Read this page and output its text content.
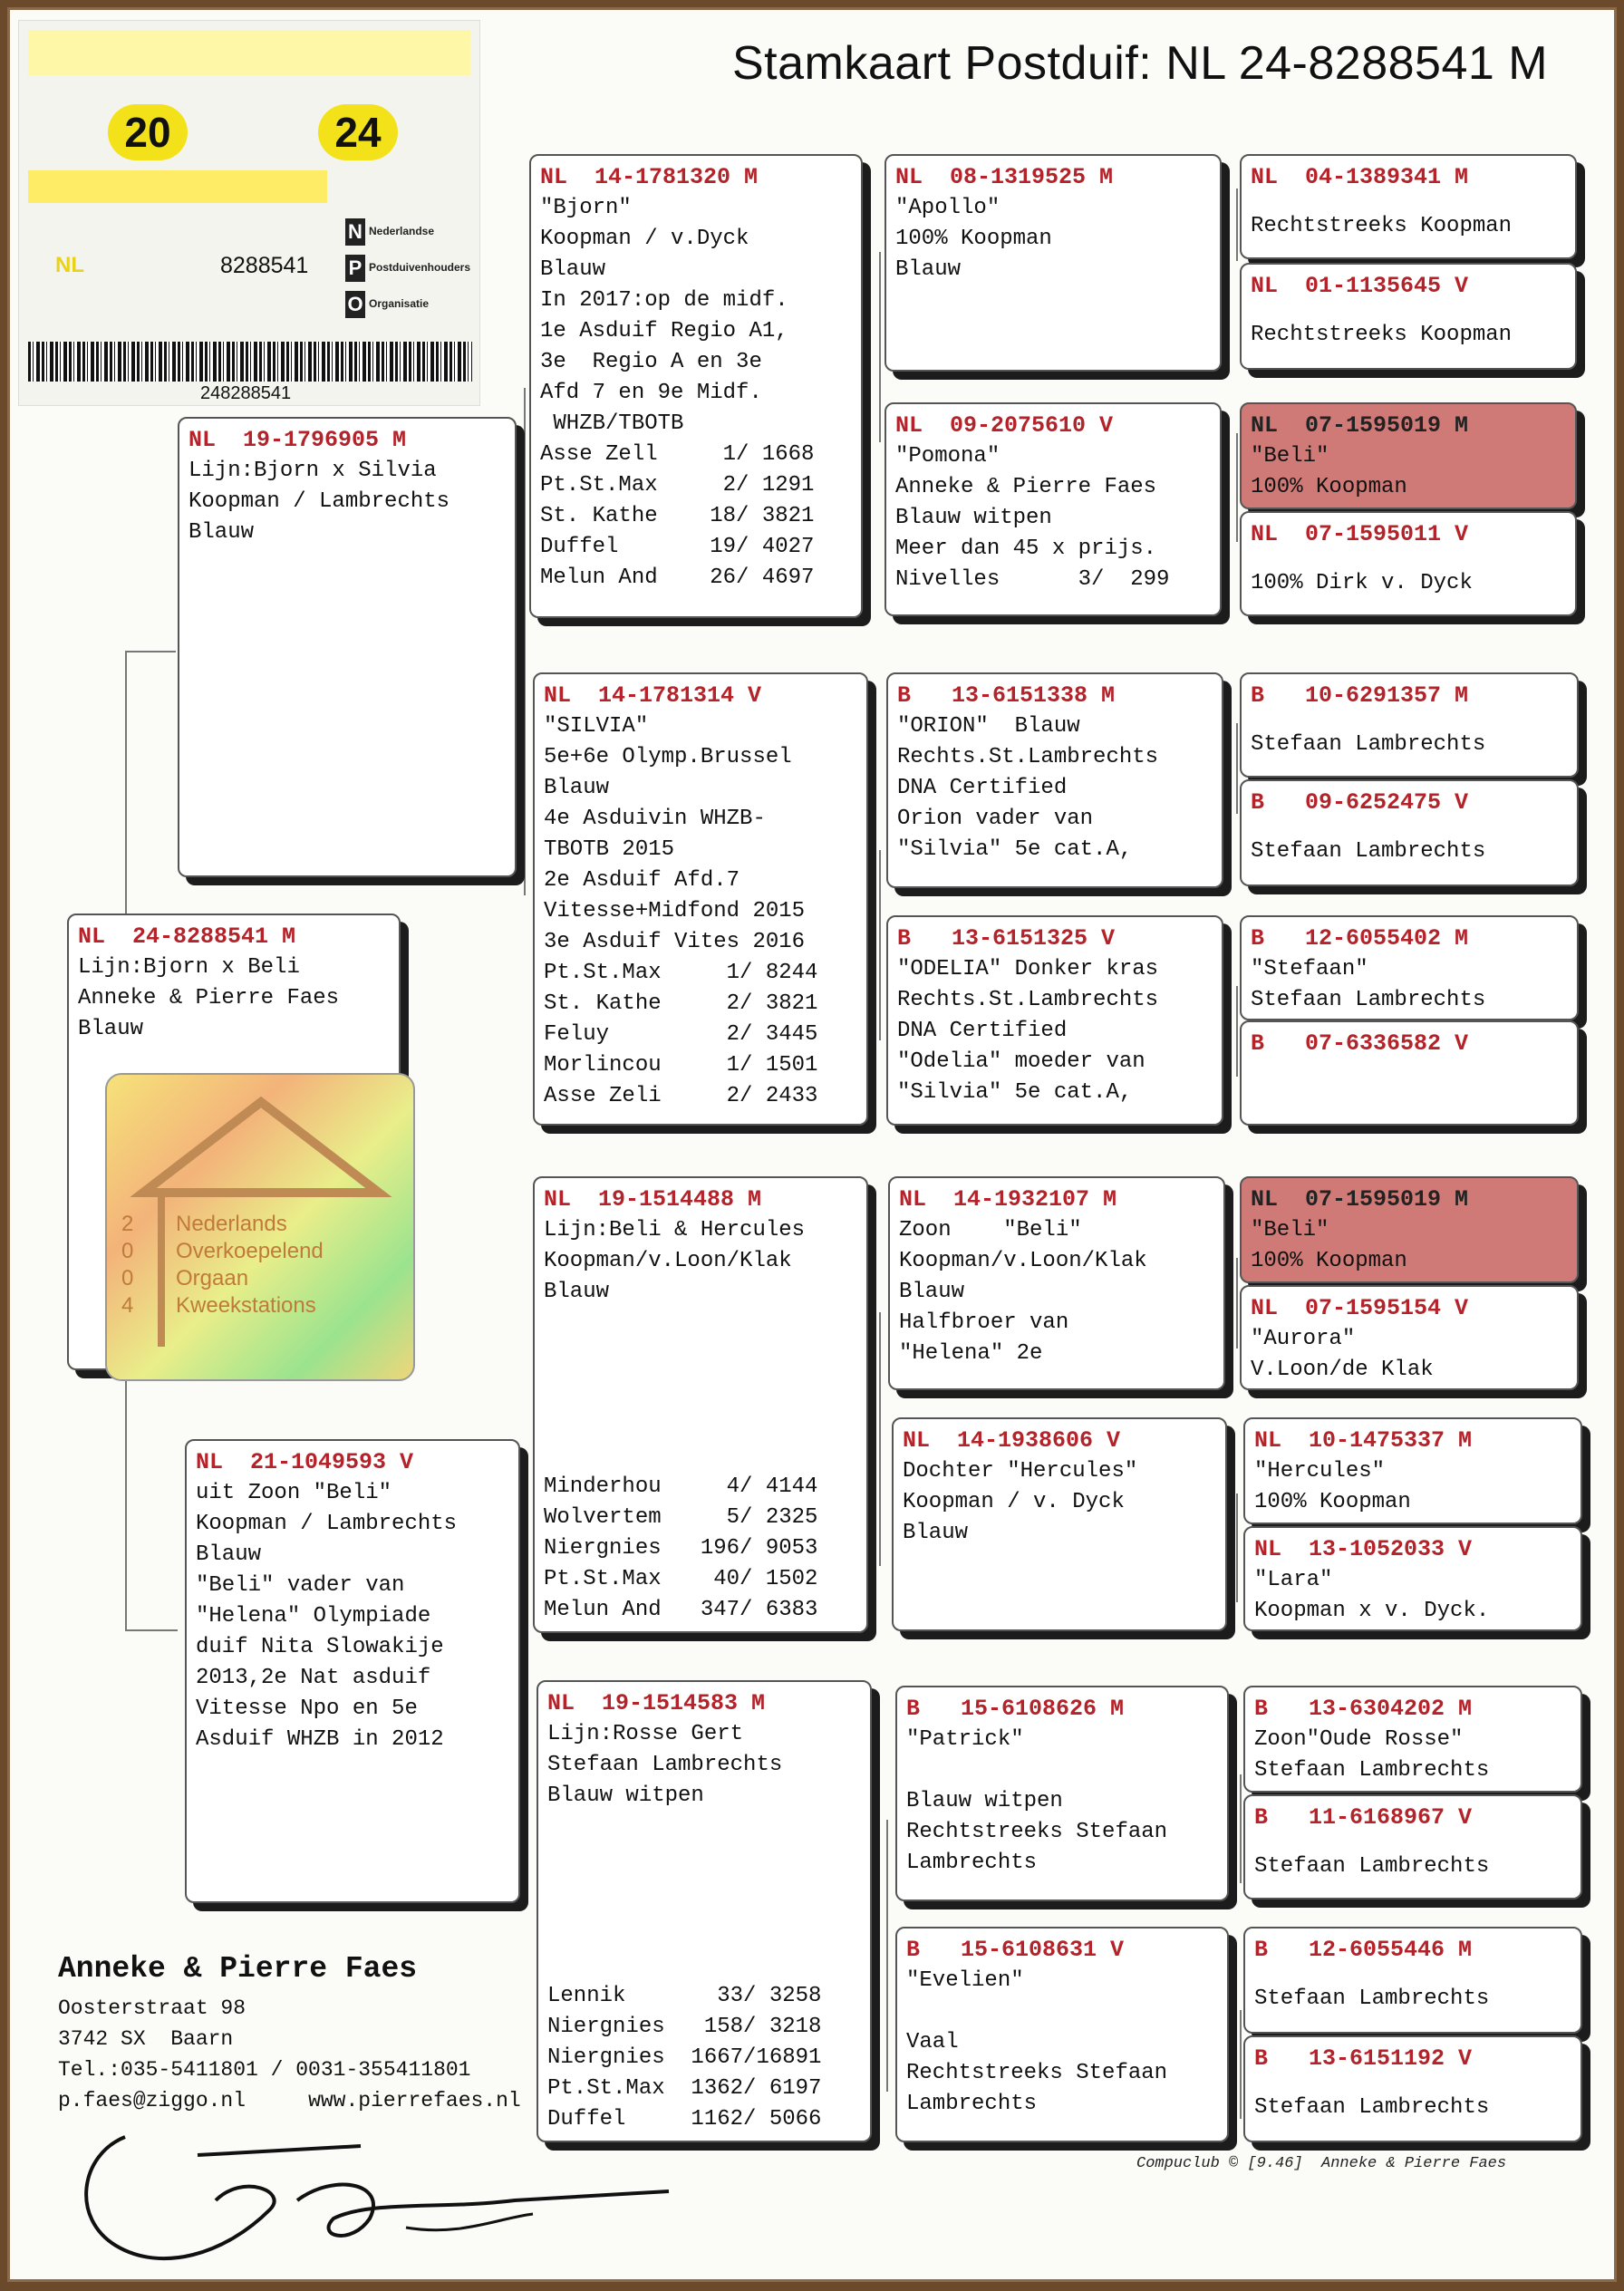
Stamkaart Postduif: NL 24-8288541 M
20	24
NL	8288541
N Nederlandse
P Postduivenhouders
O Organisatie
248288541
NL  24-8288541 M
Lijn:Bjorn x Beli
Anneke & Pierre Faes
Blauw
2
0
0
4
Nederlands
Overkoepelend
Orgaan
Kweekstations
NL  19-1796905 M
Lijn:Bjorn x Silvia
Koopman / Lambrechts
Blauw
NL  21-1049593 V
uit Zoon "Beli"
Koopman / Lambrechts
Blauw
"Beli" vader van
"Helena" Olympiade
duif Nita Slowakije
2013,2e Nat asduif
Vitesse Npo en 5e
Asduif WHZB in 2012
NL  14-1781320 M
"Bjorn"
Koopman / v.Dyck
Blauw
In 2017:op de midf.
1e Asduif Regio A1,
3e  Regio A en 3e
Afd 7 en 9e Midf.
WHZB/TBOTB
Asse Zell     1/ 1668
Pt.St.Max     2/ 1291
St. Kathe    18/ 3821
Duffel       19/ 4027
Melun And    26/ 4697
NL  14-1781314 V
"SILVIA"
5e+6e Olymp.Brussel
Blauw
4e Asduivin WHZB-
TBOTB 2015
2e Asduif Afd.7
Vitesse+Midfond 2015
3e Asduif Vites 2016
Pt.St.Max     1/ 8244
St. Kathe     2/ 3821
Feluy         2/ 3445
Morlincou     1/ 1501
Asse Zeli     2/ 2433
NL  19-1514488 M
Lijn:Beli & Hercules
Koopman/v.Loon/Klak
Blauw
Minderhou     4/ 4144
Wolvertem     5/ 2325
Niergnies   196/ 9053
Pt.St.Max    40/ 1502
Melun And   347/ 6383
NL  19-1514583 M
Lijn:Rosse Gert
Stefaan Lambrechts
Blauw witpen
Lennik       33/ 3258
Niergnies   158/ 3218
Niergnies  1667/16891
Pt.St.Max  1362/ 6197
Duffel     1162/ 5066
NL  08-1319525 M
"Apollo"
100% Koopman
Blauw
NL  09-2075610 V
"Pomona"
Anneke & Pierre Faes
Blauw witpen
Meer dan 45 x prijs.
Nivelles      3/  299
B   13-6151338 M
"ORION"  Blauw
Rechts.St.Lambrechts
DNA Certified
Orion vader van
"Silvia" 5e cat.A,
B   13-6151325 V
"ODELIA" Donker kras
Rechts.St.Lambrechts
DNA Certified
"Odelia" moeder van
"Silvia" 5e cat.A,
NL  14-1932107 M
Zoon    "Beli"
Koopman/v.Loon/Klak
Blauw
Halfbroer van
"Helena" 2e
NL  14-1938606 V
Dochter "Hercules"
Koopman / v. Dyck
Blauw
B   15-6108626 M
"Patrick"
Blauw witpen
Rechtstreeks Stefaan
Lambrechts
B   15-6108631 V
"Evelien"
Vaal
Rechtstreeks Stefaan
Lambrechts
NL  04-1389341 M
Rechtstreeks Koopman
NL  01-1135645 V
Rechtstreeks Koopman
NL  07-1595019 M
"Beli"
100% Koopman
NL  07-1595011 V
100% Dirk v. Dyck
B   10-6291357 M
Stefaan Lambrechts
B   09-6252475 V
Stefaan Lambrechts
B   12-6055402 M
"Stefaan"
Stefaan Lambrechts
B   07-6336582 V
NL  07-1595019 M
"Beli"
100% Koopman
NL  07-1595154 V
"Aurora"
V.Loon/de Klak
NL  10-1475337 M
"Hercules"
100% Koopman
NL  13-1052033 V
"Lara"
Koopman x v. Dyck.
B   13-6304202 M
Zoon"Oude Rosse"
Stefaan Lambrechts
B   11-6168967 V
Stefaan Lambrechts
B   12-6055446 M
Stefaan Lambrechts
B   13-6151192 V
Stefaan Lambrechts
Anneke & Pierre Faes
Oosterstraat 98
3742 SX  Baarn
Tel.:035-5411801 / 0031-355411801
p.faes@ziggo.nl	www.pierrefaes.nl
Compuclub © [9.46]  Anneke & Pierre Faes
